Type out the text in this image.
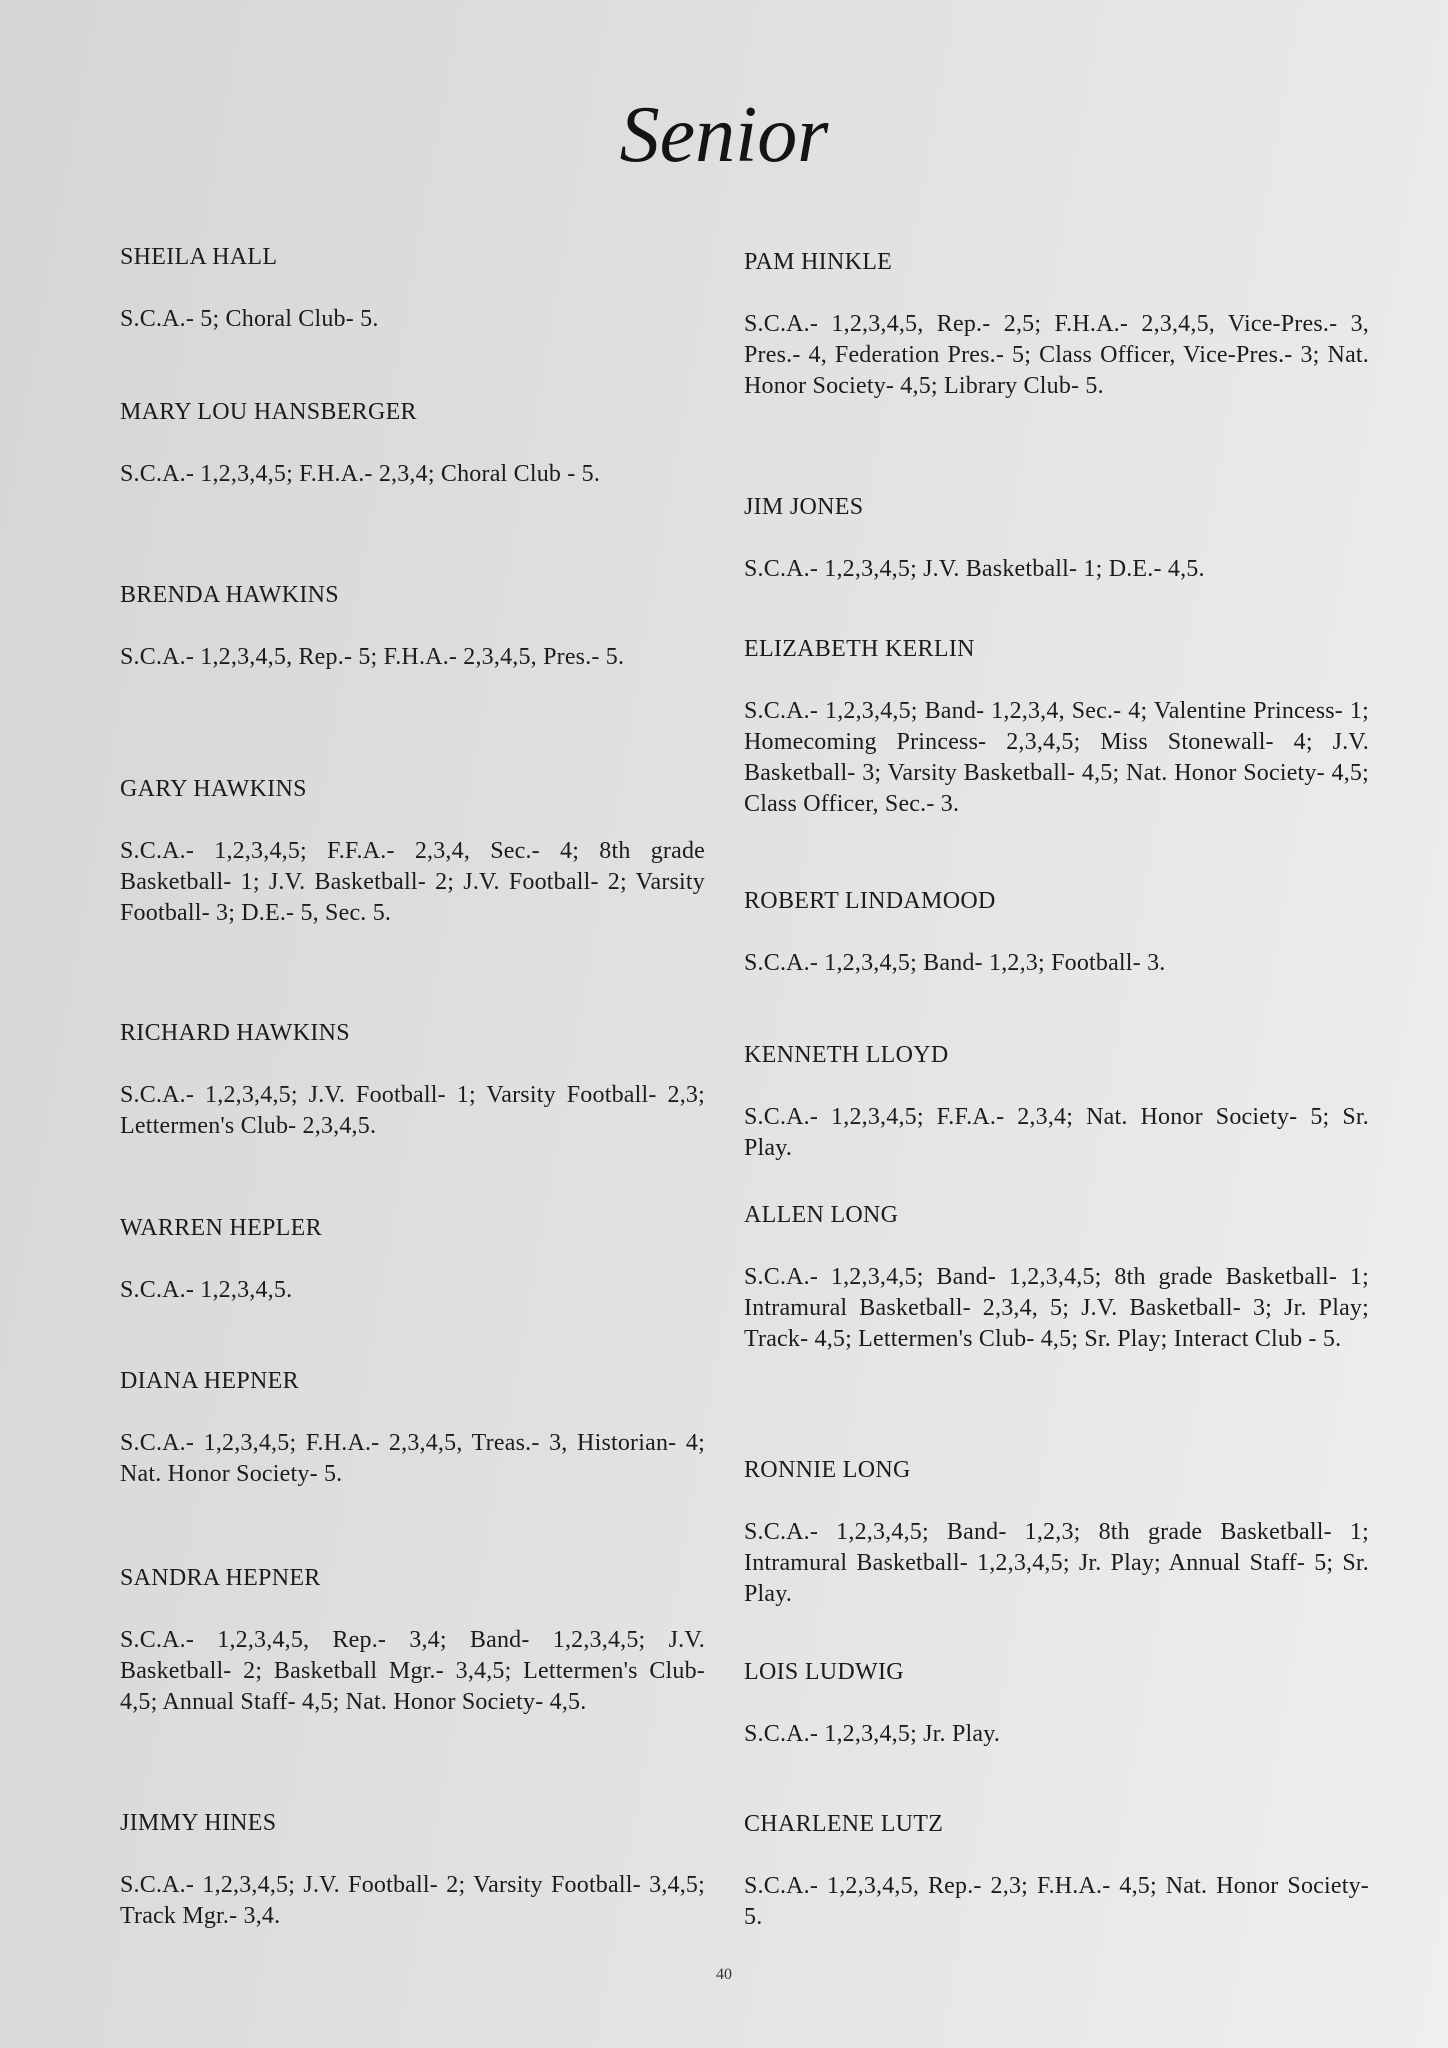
Senior
SHEILA HALL
S.C.A.- 5; Choral Club- 5.
MARY LOU HANSBERGER
S.C.A.- 1,2,3,4,5; F.H.A.- 2,3,4; Choral Club - 5.
BRENDA HAWKINS
S.C.A.- 1,2,3,4,5, Rep.- 5; F.H.A.- 2,3,4,5, Pres.- 5.
GARY HAWKINS
S.C.A.- 1,2,3,4,5; F.F.A.- 2,3,4, Sec.- 4; 8th grade Basketball- 1; J.V. Basketball- 2; J.V. Football- 2; Varsity Football- 3; D.E.- 5, Sec. 5.
RICHARD HAWKINS
S.C.A.- 1,2,3,4,5; J.V. Football- 1; Varsity Football- 2,3; Lettermen's Club- 2,3,4,5.
WARREN HEPLER
S.C.A.- 1,2,3,4,5.
DIANA HEPNER
S.C.A.- 1,2,3,4,5; F.H.A.- 2,3,4,5, Treas.- 3, Historian- 4; Nat. Honor Society- 5.
SANDRA HEPNER
S.C.A.- 1,2,3,4,5, Rep.- 3,4; Band- 1,2,3,4,5; J.V. Basketball- 2; Basketball Mgr.- 3,4,5; Lettermen's Club- 4,5; Annual Staff- 4,5; Nat. Honor Society- 4,5.
JIMMY HINES
S.C.A.- 1,2,3,4,5; J.V. Football- 2; Varsity Football- 3,4,5; Track Mgr.- 3,4.
PAM HINKLE
S.C.A.- 1,2,3,4,5, Rep.- 2,5; F.H.A.- 2,3,4,5, Vice-Pres.- 3, Pres.- 4, Federation Pres.- 5; Class Officer, Vice-Pres.- 3; Nat. Honor Society- 4,5; Library Club- 5.
JIM JONES
S.C.A.- 1,2,3,4,5; J.V. Basketball- 1; D.E.- 4,5.
ELIZABETH KERLIN
S.C.A.- 1,2,3,4,5; Band- 1,2,3,4, Sec.- 4; Valentine Princess- 1; Homecoming Princess- 2,3,4,5; Miss Stonewall- 4; J.V. Basketball- 3; Varsity Basketball- 4,5; Nat. Honor Society- 4,5; Class Officer, Sec.- 3.
ROBERT LINDAMOOD
S.C.A.- 1,2,3,4,5; Band- 1,2,3; Football- 3.
KENNETH LLOYD
S.C.A.- 1,2,3,4,5; F.F.A.- 2,3,4; Nat. Honor Society- 5; Sr. Play.
ALLEN LONG
S.C.A.- 1,2,3,4,5; Band- 1,2,3,4,5; 8th grade Basketball- 1; Intramural Basketball- 2,3,4, 5; J.V. Basketball- 3; Jr. Play; Track- 4,5; Lettermen's Club- 4,5; Sr. Play; Interact Club - 5.
RONNIE LONG
S.C.A.- 1,2,3,4,5; Band- 1,2,3; 8th grade Basketball- 1; Intramural Basketball- 1,2,3,4,5; Jr. Play; Annual Staff- 5; Sr. Play.
LOIS LUDWIG
S.C.A.- 1,2,3,4,5; Jr. Play.
CHARLENE LUTZ
S.C.A.- 1,2,3,4,5, Rep.- 2,3; F.H.A.- 4,5; Nat. Honor Society- 5.
40
